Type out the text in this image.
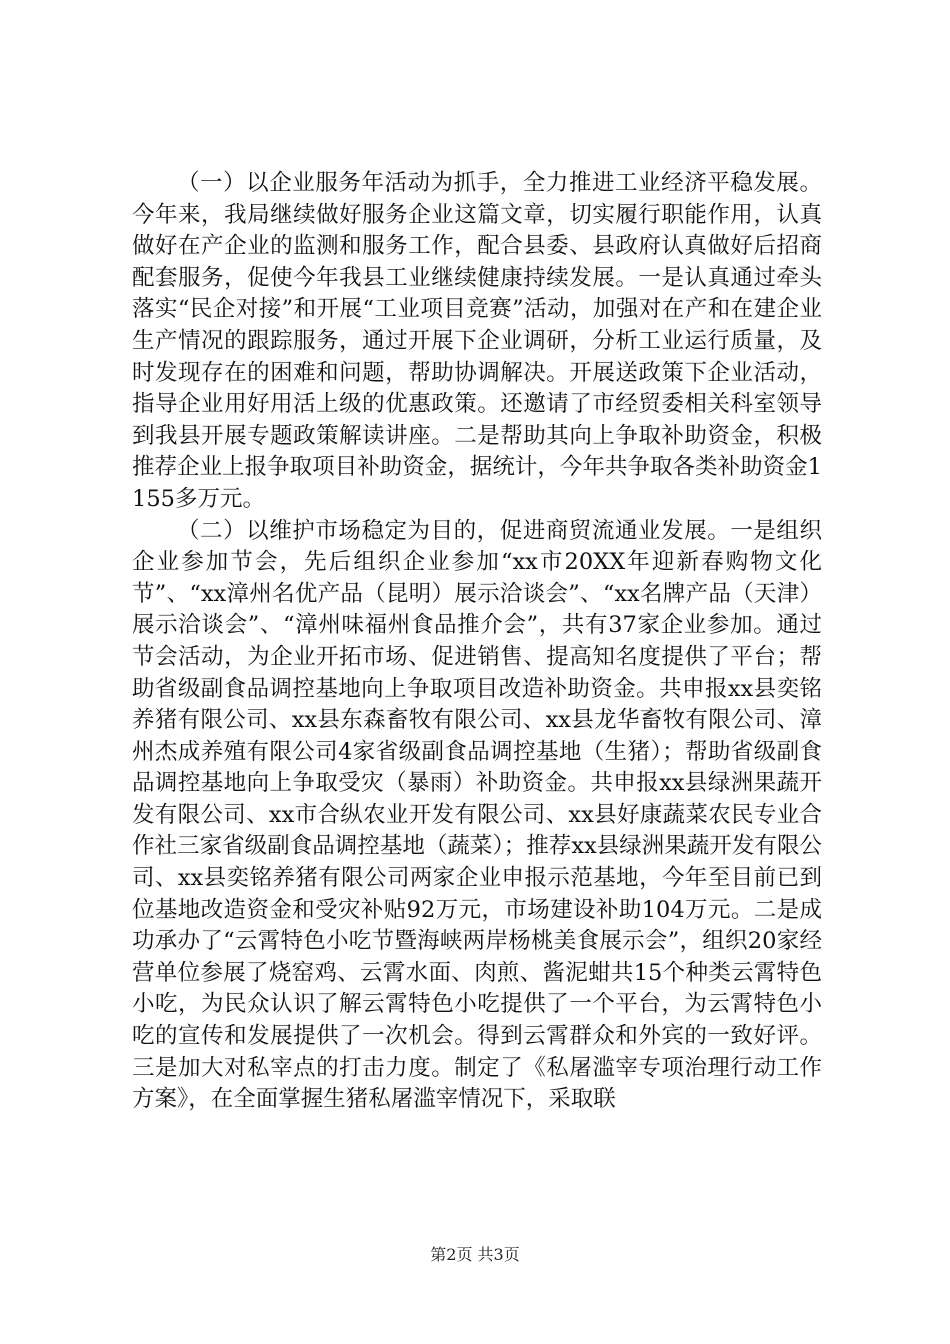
（一）以企业服务年活动为抓手，全力推进工业经济平稳发展。今年来，我局继续做好服务企业这篇文章，切实履行职能作用，认真做好在产企业的监测和服务工作，配合县委、县政府认真做好后招商配套服务，促使今年我县工业继续健康持续发展。一是认真通过牵头落实“民企对接”和开展“工业项目竞赛”活动，加强对在产和在建企业生产情况的跟踪服务，通过开展下企业调研，分析工业运行质量，及时发现存在的困难和问题，帮助协调解决。开展送政策下企业活动，指导企业用好用活上级的优惠政策。还邀请了市经贸委相关科室领导到我县开展专题政策解读讲座。二是帮助其向上争取补助资金，积极推荐企业上报争取项目补助资金，据统计，今年共争取各类补助资金1155多万元。

（二）以维护市场稳定为目的，促进商贸流通业发展。一是组织企业参加节会，先后组织企业参加“xx市20XX年迎新春购物文化节”、“xx漳州名优产品（昆明）展示洽谈会”、“xx名牌产品（天津）展示洽谈会”、“漳州味福州食品推介会”，共有37家企业参加。通过节会活动，为企业开拓市场、促进销售、提高知名度提供了平台；帮助省级副食品调控基地向上争取项目改造补助资金。共申报xx县奕铭养猪有限公司、xx县东森畜牧有限公司、xx县龙华畜牧有限公司、漳州杰成养殖有限公司4家省级副食品调控基地（生猪）；帮助省级副食品调控基地向上争取受灾（暴雨）补助资金。共申报xx县绿洲果蔬开发有限公司、xx市合纵农业开发有限公司、xx县好康蔬菜农民专业合作社三家省级副食品调控基地（蔬菜）；推荐xx县绿洲果蔬开发有限公司、xx县奕铭养猪有限公司两家企业申报示范基地，今年至目前已到位基地改造资金和受灾补贴92万元，市场建设补助104万元。二是成功承办了“云霄特色小吃节暨海峡两岸杨桃美食展示会”，组织20家经营单位参展了烧窑鸡、云霄水面、肉煎、酱泥蚶共15个种类云霄特色小吃，为民众认识了解云霄特色小吃提供了一个平台，为云霄特色小吃的宣传和发展提供了一次机会。得到云霄群众和外宾的一致好评。三是加大对私宰点的打击力度。制定了《私屠滥宰专项治理行动工作方案》，在全面掌握生猪私屠滥宰情况下，采取联

第2页 共3页
